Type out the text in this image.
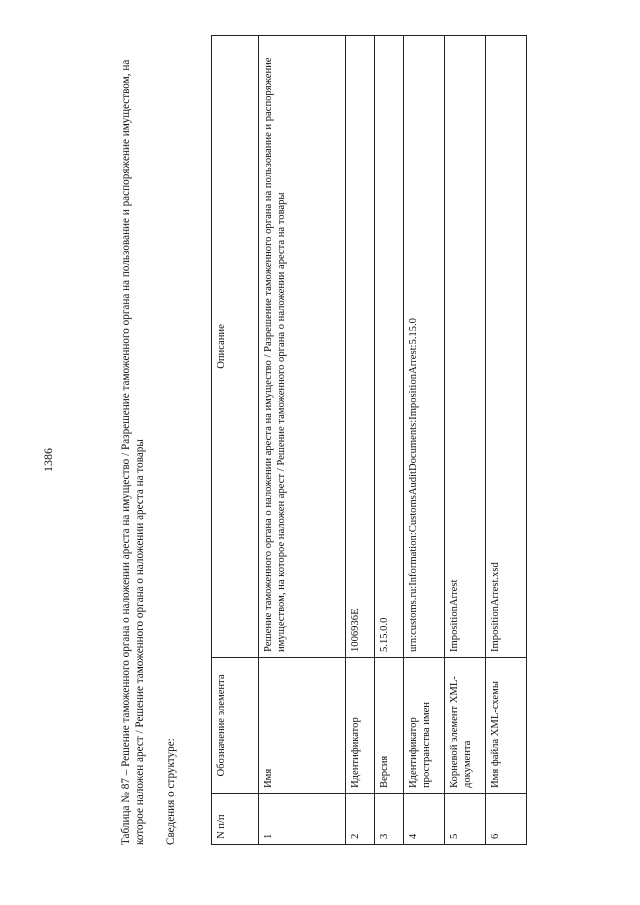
1386	Таблица № 87 – Решение таможенного органа о наложении ареста на имущество / Разрешение таможенного органа на пользование и распоряжение имуществом, на которое наложен арест / Решение таможенного органа о наложении ареста на товары Сведения о структуре:	N п/п	Обозначение элемента	Описание
1	Имя	Решение таможенного органа о наложении ареста на имущество / Разрешение таможенного органа на пользование и распоряжение имуществом, на которое наложен арест / Решение таможенного органа о наложении ареста на товары
2	Идентификатор	1006936E
3	Версия	5.15.0.0
4	Идентификатор пространства имен	urn:customs.ru:Information:CustomsAuditDocuments:ImpositionArrest:5.15.0
5	Корневой элемент XML-документа	ImpositionArrest
6	Имя файла XML-схемы	ImpositionArrest.xsd
